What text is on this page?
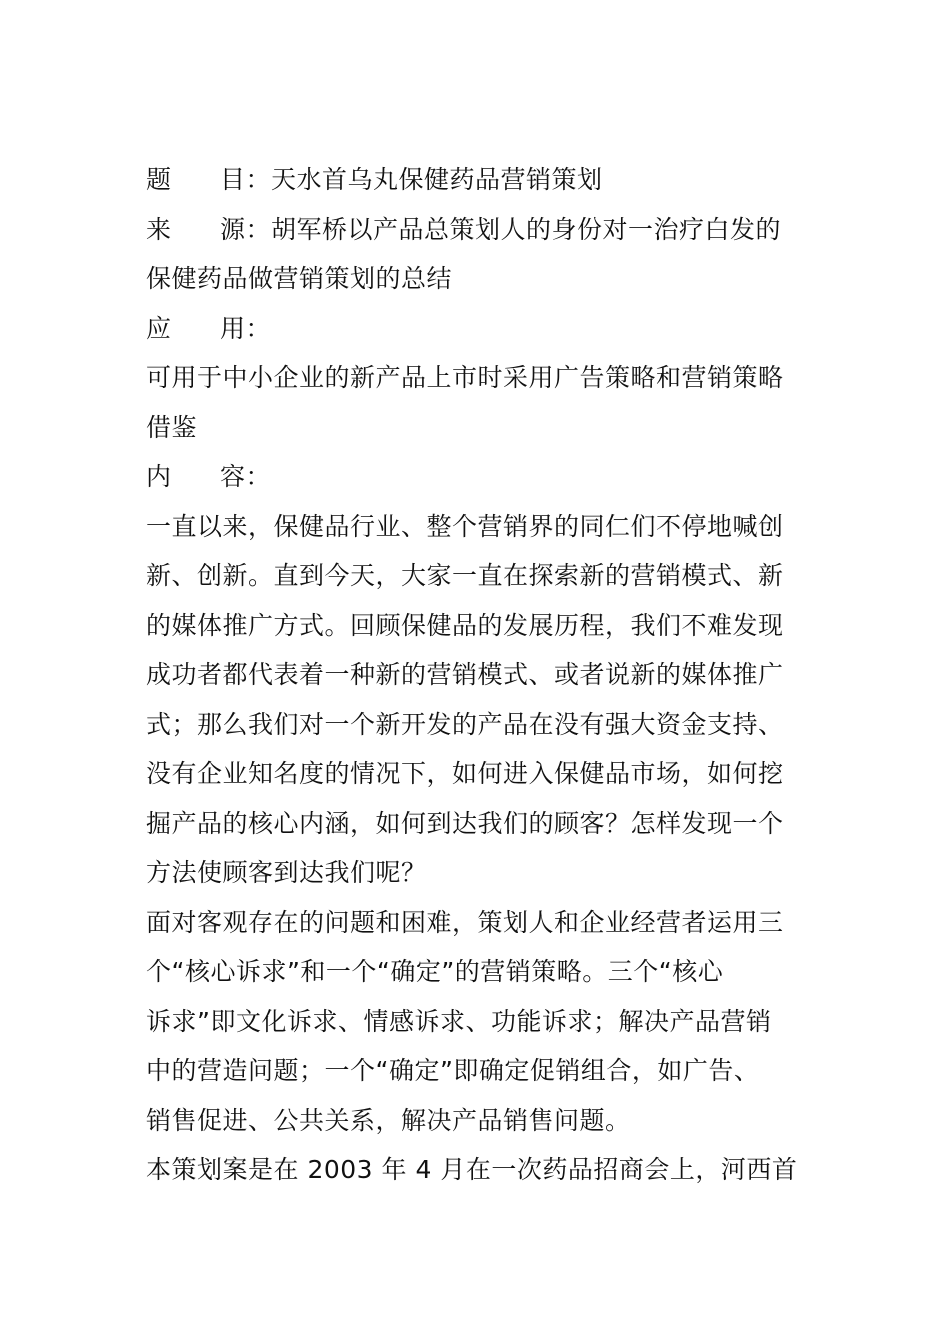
题 目：天水首乌丸保健药品营销策划
来 源：胡军桥以产品总策划人的身份对一治疗白发的
保健药品做营销策划的总结
应 用：
可用于中小企业的新产品上市时采用广告策略和营销策略
借鉴
内 容：
一直以来，保健品行业、整个营销界的同仁们不停地喊创
新、创新。直到今天，大家一直在探索新的营销模式、新
的媒体推广方式。回顾保健品的发展历程，我们不难发现
成功者都代表着一种新的营销模式、或者说新的媒体推广
式；那么我们对一个新开发的产品在没有强大资金支持、
没有企业知名度的情况下，如何进入保健品市场，如何挖
掘产品的核心内涵，如何到达我们的顾客？怎样发现一个
方法使顾客到达我们呢？
面对客观存在的问题和困难，策划人和企业经营者运用三
个“核心诉求”和一个“确定”的营销策略。三个“核心
诉求”即文化诉求、情感诉求、功能诉求；解决产品营销
中的营造问题；一个“确定”即确定促销组合，如广告、
销售促进、公共关系，解决产品销售问题。
本策划案是在 2003 年 4 月在一次药品招商会上，河西首
